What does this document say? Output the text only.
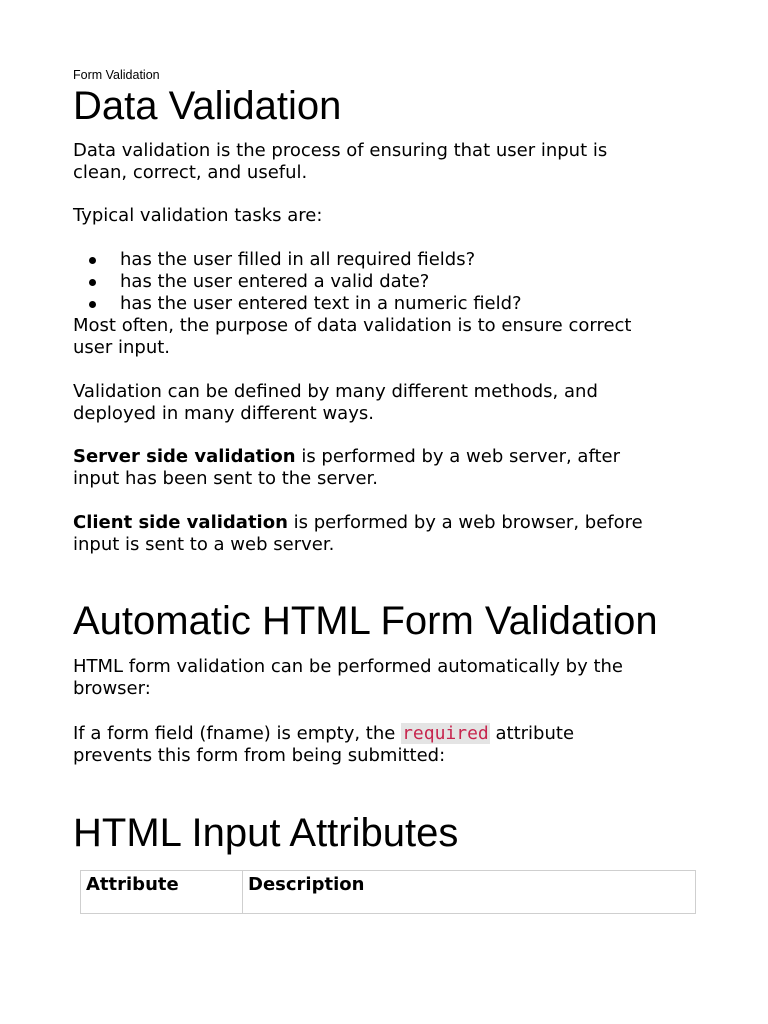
Form Validation
Data Validation

Data validation is the process of ensuring that user input is
clean, correct, and useful.

Typical validation tasks are:

has the user filled in all required fields?
has the user entered a valid date?
has the user entered text in a numeric field?

Most often, the purpose of data validation is to ensure correct
user input.

Validation can be defined by many different methods, and
deployed in many different ways.

Server side validation is performed by a web server, after
input has been sent to the server.

Client side validation is performed by a web browser, before
input is sent to a web server.

Automatic HTML Form Validation

HTML form validation can be performed automatically by the
browser:

If a form field (fname) is empty, the required attribute
prevents this form from being submitted:

HTML Input Attributes
Attribute	Description
